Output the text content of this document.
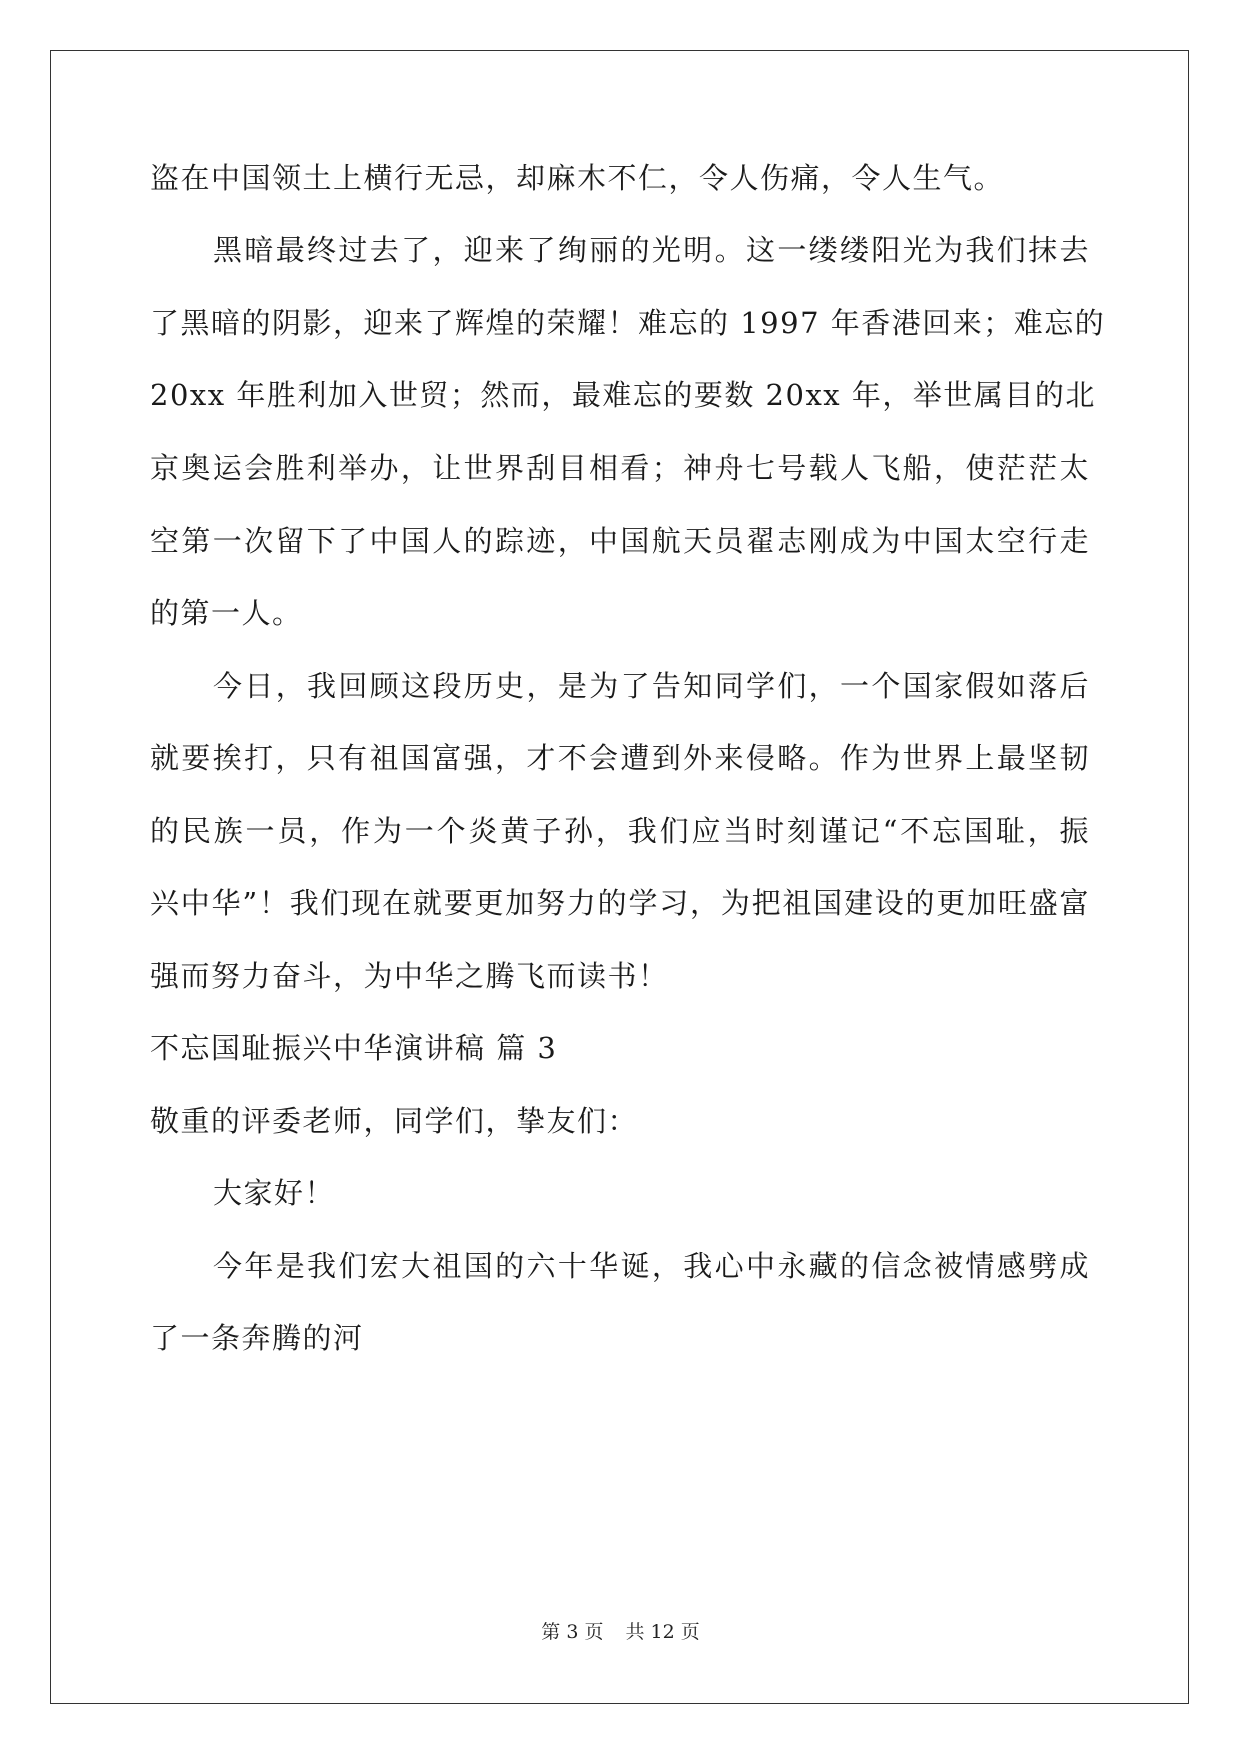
盗在中国领土上横行无忌，却麻木不仁，令人伤痛，令人生气。
黑暗最终过去了，迎来了绚丽的光明。这一缕缕阳光为我们抹去
了黑暗的阴影，迎来了辉煌的荣耀！难忘的 1997 年香港回来；难忘的
20xx 年胜利加入世贸；然而，最难忘的要数 20xx 年，举世属目的北
京奥运会胜利举办，让世界刮目相看；神舟七号载人飞船，使茫茫太
空第一次留下了中国人的踪迹，中国航天员翟志刚成为中国太空行走
的第一人。
今日，我回顾这段历史，是为了告知同学们，一个国家假如落后
就要挨打，只有祖国富强，才不会遭到外来侵略。作为世界上最坚韧
的民族一员，作为一个炎黄子孙，我们应当时刻谨记“不忘国耻，振
兴中华”！我们现在就要更加努力的学习，为把祖国建设的更加旺盛富
强而努力奋斗，为中华之腾飞而读书！
不忘国耻振兴中华演讲稿 篇 3
敬重的评委老师，同学们，挚友们：
大家好！
今年是我们宏大祖国的六十华诞，我心中永藏的信念被情感劈成
了一条奔腾的河
第 3 页 共 12 页
